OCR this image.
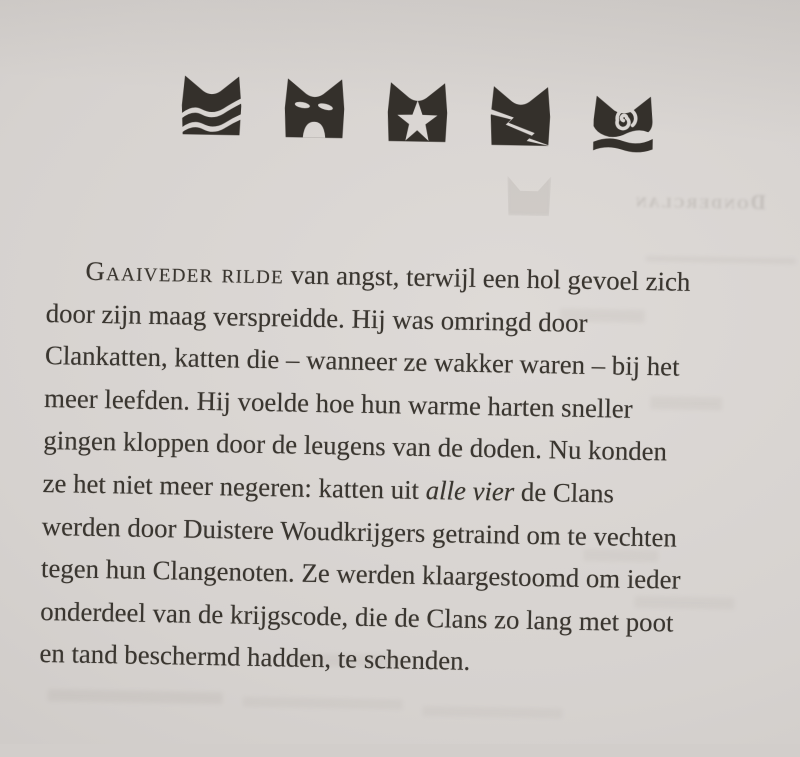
Donderclan
Gaaiveder rilde van angst, terwijl een hol gevoel zich
door zijn maag verspreidde. Hij was omringd door
Clankatten, katten die – wanneer ze wakker waren – bij het
meer leefden. Hij voelde hoe hun warme harten sneller
gingen kloppen door de leugens van de doden. Nu konden
ze het niet meer negeren: katten uit alle vier de Clans
werden door Duistere Woudkrijgers getraind om te vechten
tegen hun Clangenoten. Ze werden klaargestoomd om ieder
onderdeel van de krijgscode, die de Clans zo lang met poot
en tand beschermd hadden, te schenden.
